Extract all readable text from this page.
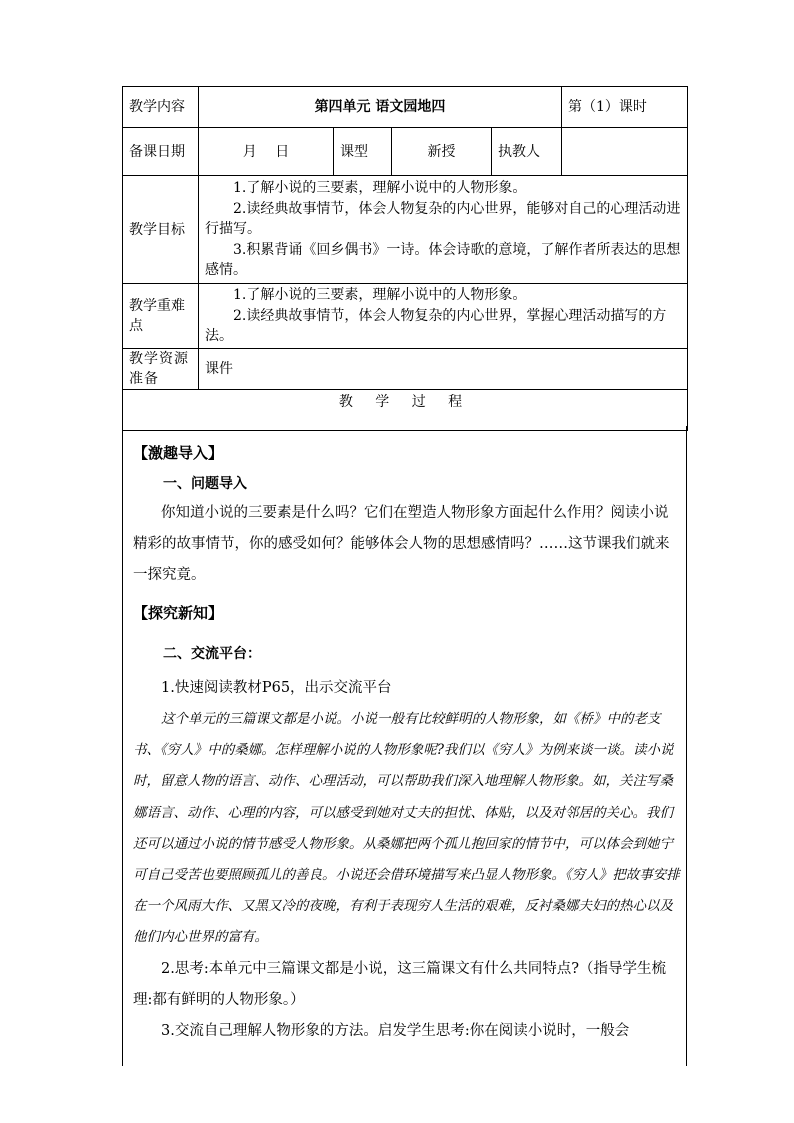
教学内容	第四单元 语文园地四				第（1）课时
备课日期	月　 日	课型	新授	执教人	
教学目标	1.了解小说的三要素，理解小说中的人物形象。

2.读经典故事情节，体会人物复杂的内心世界，能够对自己的心理活动进行描写。

3.积累背诵《回乡偶书》一诗。体会诗歌的意境，了解作者所表达的思想感情。				

教学重难点	1.了解小说的三要素，理解小说中的人物形象。

2.读经典故事情节，体会人物复杂的内心世界，掌握心理活动描写的方法。				

教学资源准备	课件				
教 学 过 程					

【激趣导入】

一、问题导入

你知道小说的三要素是什么吗？它们在塑造人物形象方面起什么作用？阅读小说精彩的故事情节，你的感受如何？能够体会人物的思想感情吗？……这节课我们就来一探究竟。

【探究新知】

二、交流平台：

1.快速阅读教材P65，出示交流平台

这个单元的三篇课文都是小说。小说一般有比较鲜明的人物形象，如《桥》中的老支书、《穷人》中的桑娜。怎样理解小说的人物形象呢?我们以《穷人》为例来谈一谈。读小说时，留意人物的语言、动作、心理活动，可以帮助我们深入地理解人物形象。如，关注写桑娜语言、动作、心理的内容，可以感受到她对丈夫的担忧、体贴，以及对邻居的关心。我们还可以通过小说的情节感受人物形象。从桑娜把两个孤儿抱回家的情节中，可以体会到她宁可自己受苦也要照顾孤儿的善良。小说还会借环境描写来凸显人物形象。《穷人》把故事安排在一个风雨大作、又黑又冷的夜晚，有利于表现穷人生活的艰难，反衬桑娜夫妇的热心以及他们内心世界的富有。

2.思考:本单元中三篇课文都是小说，这三篇课文有什么共同特点?（指导学生梳理:都有鲜明的人物形象。）

3.交流自己理解人物形象的方法。启发学生思考:你在阅读小说时，一般会
